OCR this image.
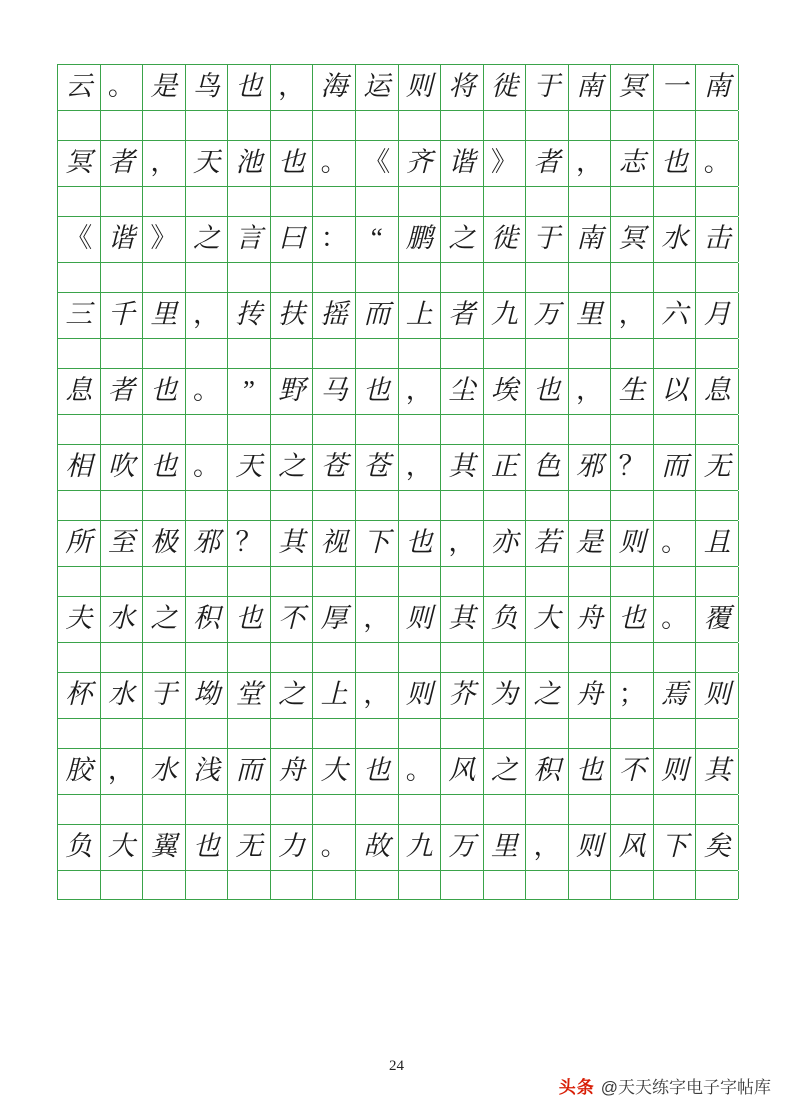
云 。 是 鸟 也 ， 海 运 则 将 徙 于 南 冥 一 南
冥 者 ， 天 池 也 。 《 齐 谐 》 者 ， 志 也 。
《 谐 》 之 言 曰 ： “ 鹏 之 徙 于 南 冥 水 击
三 千 里 ， 抟 扶 摇 而 上 者 九 万 里 ， 六 月
息 者 也 。 ” 野 马 也 ， 尘 埃 也 ， 生 以 息
相 吹 也 。 天 之 苍 苍 ， 其 正 色 邪 ？ 而 无
所 至 极 邪 ？ 其 视 下 也 ， 亦 若 是 则 。 且
夫 水 之 积 也 不 厚 ， 则 其 负 大 舟 也 。 覆
杯 水 于 坳 堂 之 上 ， 则 芥 为 之 舟 ； 焉 则
胶 ， 水 浅 而 舟 大 也 。 风 之 积 也 不 则 其
负 大 翼 也 无 力 。 故 九 万 里 ， 则 风 下 矣
24
头条 @天天练字电子字帖库
